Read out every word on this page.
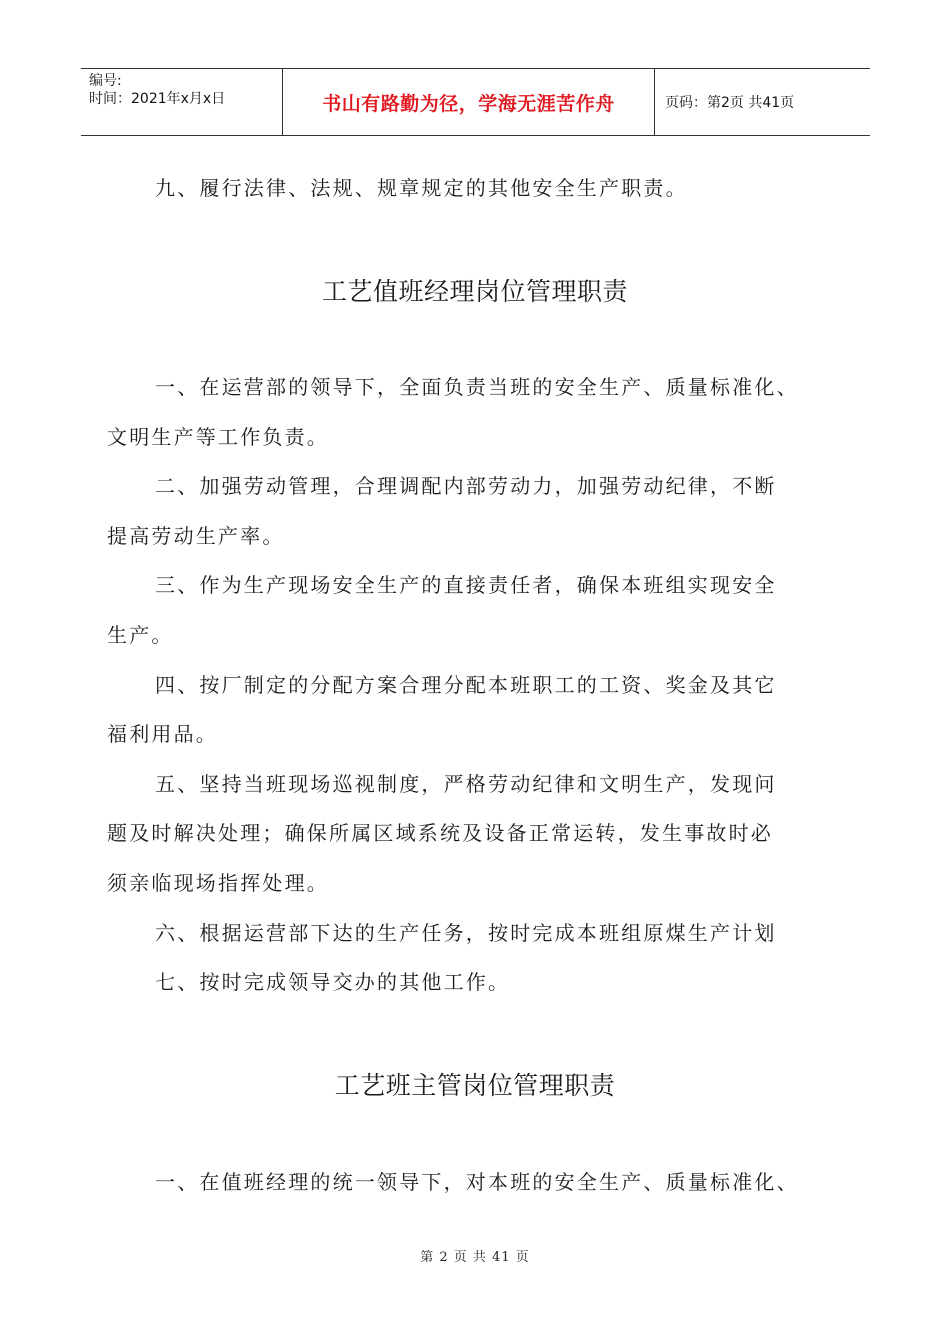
编号:
时间：2021年x月x日	书山有路勤为径，学海无涯苦作舟	页码：第2页 共41页

九、履行法律、法规、规章规定的其他安全生产职责。

工艺值班经理岗位管理职责

一、在运营部的领导下，全面负责当班的安全生产、质量标准化、

文明生产等工作负责。

二、加强劳动管理，合理调配内部劳动力，加强劳动纪律，不断

提高劳动生产率。

三、作为生产现场安全生产的直接责任者，确保本班组实现安全

生产。

四、按厂制定的分配方案合理分配本班职工的工资、奖金及其它

福利用品。

五、坚持当班现场巡视制度，严格劳动纪律和文明生产，发现问

题及时解决处理；确保所属区域系统及设备正常运转，发生事故时必

须亲临现场指挥处理。

六、根据运营部下达的生产任务，按时完成本班组原煤生产计划

七、按时完成领导交办的其他工作。

工艺班主管岗位管理职责

一、在值班经理的统一领导下，对本班的安全生产、质量标准化、

第 2 页 共 41 页
